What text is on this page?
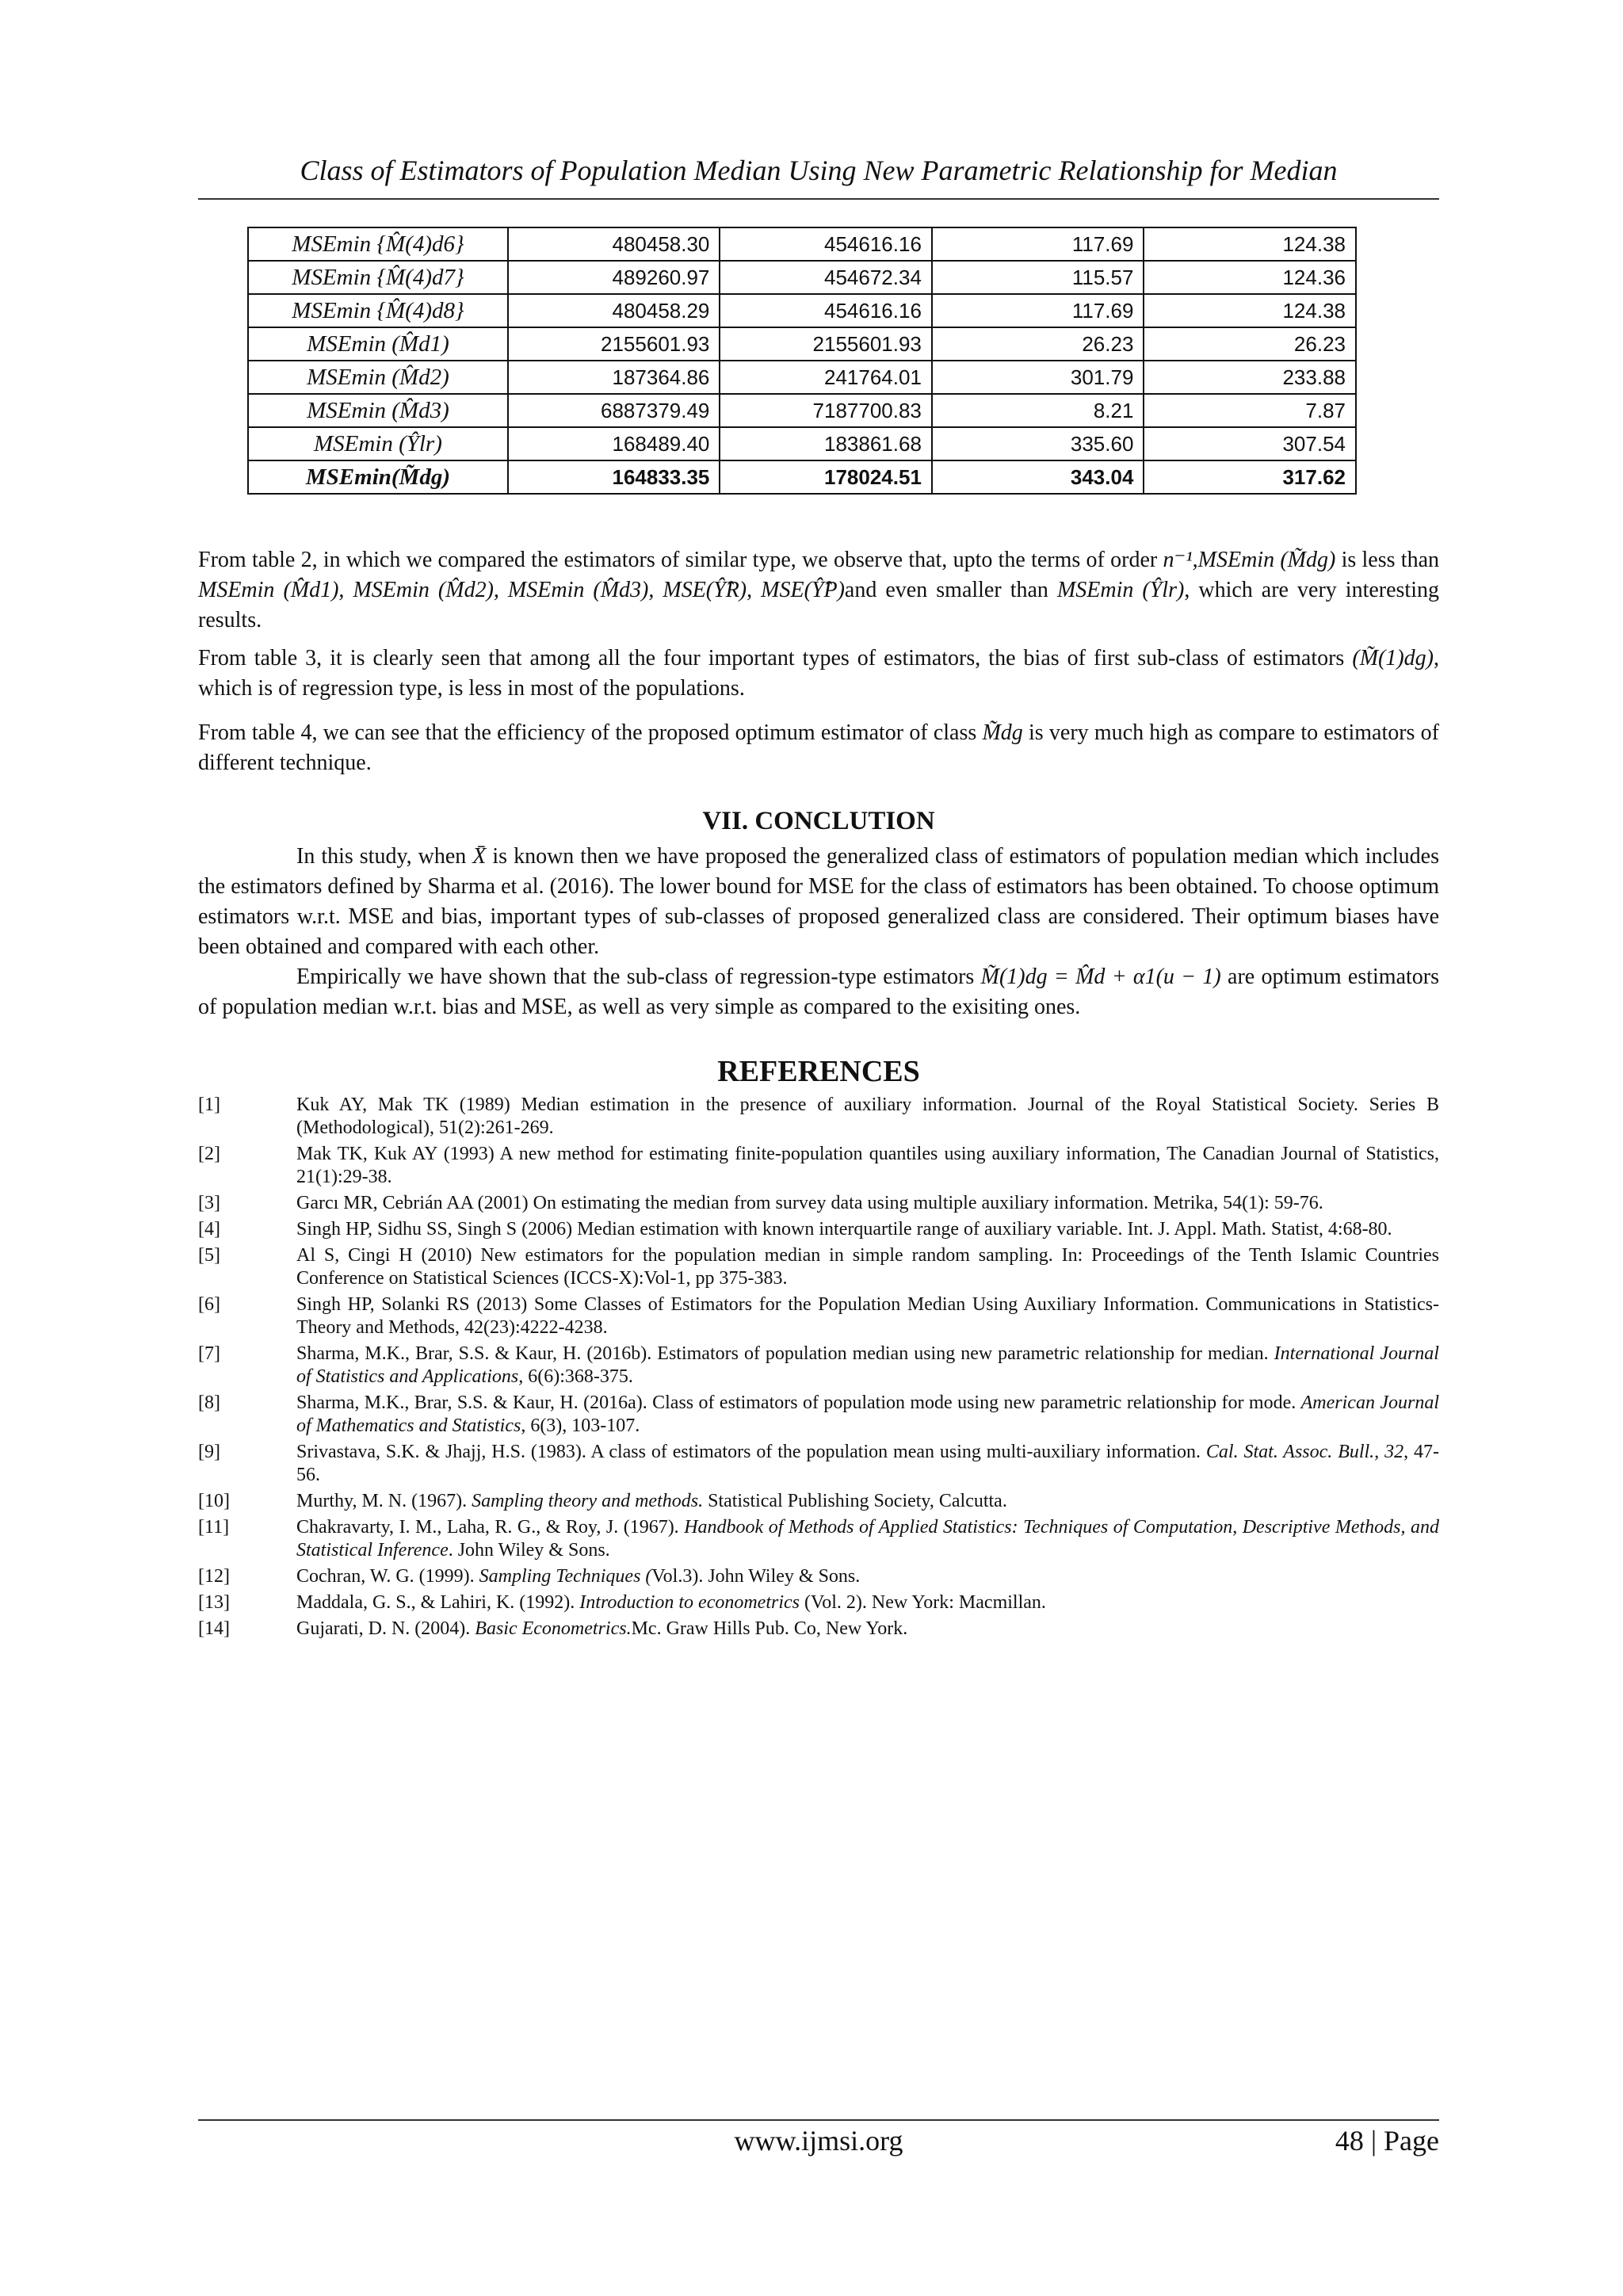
Class of Estimators of Population Median Using New Parametric Relationship for Median
MSEmin {M̂(4)d6}	480458.30	454616.16	117.69	124.38
MSEmin {M̂(4)d7}	489260.97	454672.34	115.57	124.36
MSEmin {M̂(4)d8}	480458.29	454616.16	117.69	124.38
MSEmin (M̂d1)	2155601.93	2155601.93	26.23	26.23
MSEmin (M̂d2)	187364.86	241764.01	301.79	233.88
MSEmin (M̂d3)	6887379.49	7187700.83	8.21	7.87
MSEmin (Ŷlr)	168489.40	183861.68	335.60	307.54
MSEmin(M̃dg)	164833.35	178024.51	343.04	317.62
From table 2, in which we compared the estimators of similar type, we observe that, upto the terms of order n⁻¹,MSEmin (M̃dg) is less than MSEmin (M̂d1), MSEmin (M̂d2), MSEmin (M̂d3), MSE(Ŷ̂R), MSE(Ŷ̂P)and even smaller than MSEmin (Ŷlr), which are very interesting results.
From table 3, it is clearly seen that among all the four important types of estimators, the bias of first sub-class of estimators (M̃(1)dg), which is of regression type, is less in most of the populations.
From table 4, we can see that the efficiency of the proposed optimum estimator of class M̃dg is very much high as compare to estimators of different technique.
VII. CONCLUTION

In this study, when X̄ is known then we have proposed the generalized class of estimators of population median which includes the estimators defined by Sharma et al. (2016). The lower bound for MSE for the class of estimators has been obtained. To choose optimum estimators w.r.t. MSE and bias, important types of sub-classes of proposed generalized class are considered. Their optimum biases have been obtained and compared with each other.

Empirically we have shown that the sub-class of regression-type estimators M̃(1)dg = M̂d + α1(u − 1) are optimum estimators of population median w.r.t. bias and MSE, as well as very simple as compared to the exisiting ones.

REFERENCES
[1]	Kuk AY, Mak TK (1989) Median estimation in the presence of auxiliary information. Journal of the Royal Statistical Society. Series B (Methodological), 51(2):261-269.
[2]	Mak TK, Kuk AY (1993) A new method for estimating finite-population quantiles using auxiliary information, The Canadian Journal of Statistics, 21(1):29-38.
[3]	Garcı MR, Cebrián AA (2001) On estimating the median from survey data using multiple auxiliary information. Metrika, 54(1): 59-76.
[4]	Singh HP, Sidhu SS, Singh S (2006) Median estimation with known interquartile range of auxiliary variable. Int. J. Appl. Math. Statist, 4:68-80.
[5]	Al S, Cingi H (2010) New estimators for the population median in simple random sampling. In: Proceedings of the Tenth Islamic Countries Conference on Statistical Sciences (ICCS-X):Vol-1, pp 375-383.
[6]	Singh HP, Solanki RS (2013) Some Classes of Estimators for the Population Median Using Auxiliary Information. Communications in Statistics-Theory and Methods, 42(23):4222-4238.
[7]	Sharma, M.K., Brar, S.S. & Kaur, H. (2016b). Estimators of population median using new parametric relationship for median. International Journal of Statistics and Applications, 6(6):368-375.
[8]	Sharma, M.K., Brar, S.S. & Kaur, H. (2016a). Class of estimators of population mode using new parametric relationship for mode. American Journal of Mathematics and Statistics, 6(3), 103-107.
[9]	Srivastava, S.K. & Jhajj, H.S. (1983). A class of estimators of the population mean using multi-auxiliary information. Cal. Stat. Assoc. Bull., 32, 47-56.
[10]	Murthy, M. N. (1967). Sampling theory and methods. Statistical Publishing Society, Calcutta.
[11]	Chakravarty, I. M., Laha, R. G., & Roy, J. (1967). Handbook of Methods of Applied Statistics: Techniques of Computation, Descriptive Methods, and Statistical Inference. John Wiley & Sons.
[12]	Cochran, W. G. (1999). Sampling Techniques (Vol.3). John Wiley & Sons.
[13]	Maddala, G. S., & Lahiri, K. (1992). Introduction to econometrics (Vol. 2). New York: Macmillan.
[14]	Gujarati, D. N. (2004). Basic Econometrics.Mc. Graw Hills Pub. Co, New York.
www.ijmsi.org	48 | Page
